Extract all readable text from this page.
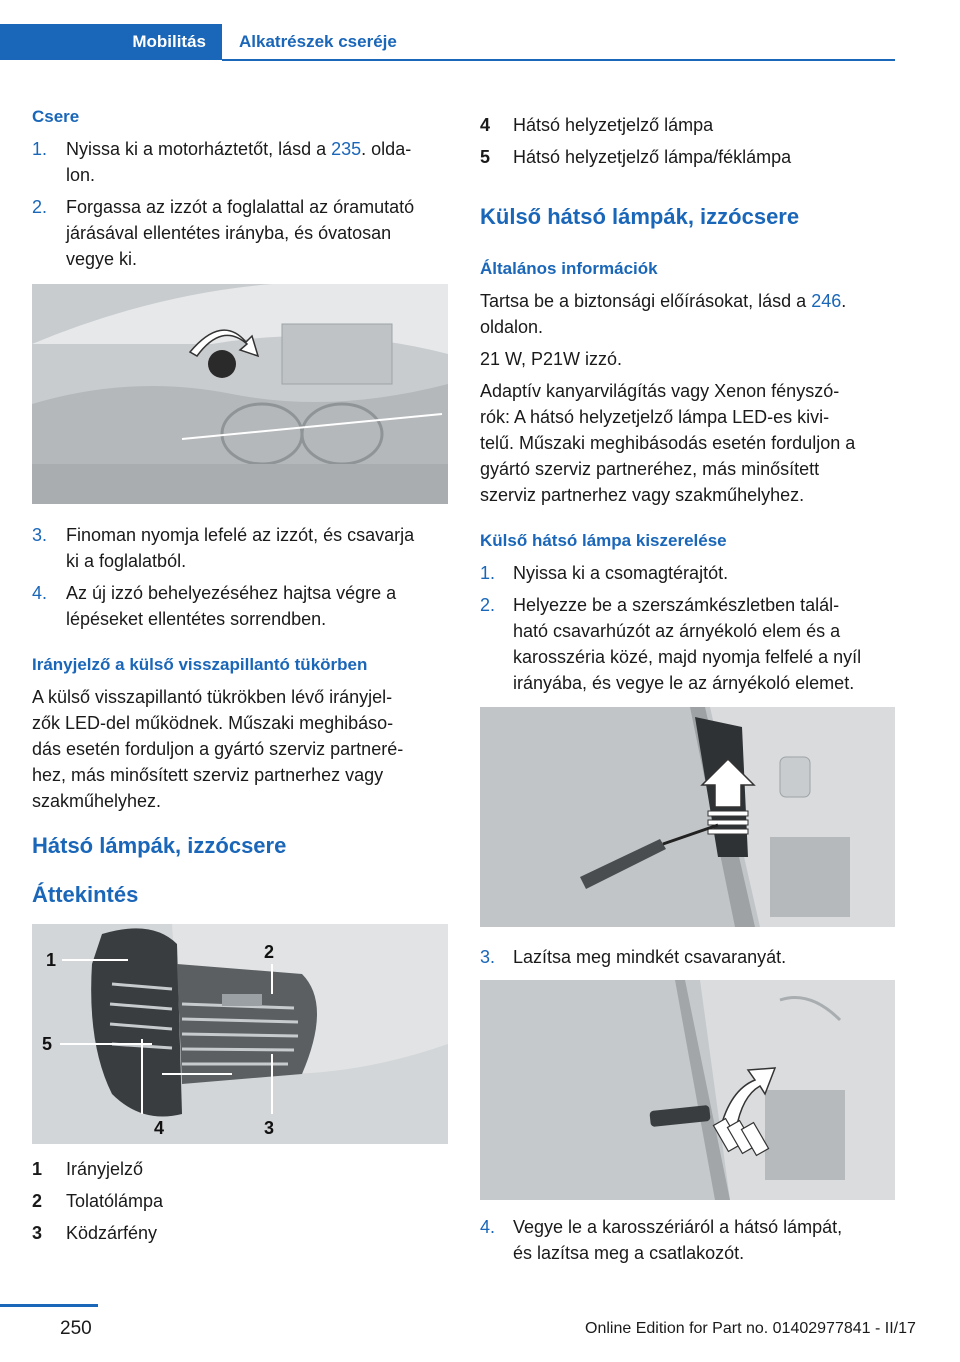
Mobilitás	Alkatrészek cseréje
Csere
1. Nyissa ki a motorháztetőt, lásd a 235. olda-
lon.
2. Forgassa az izzót a foglalattal az óramutató
járásával ellentétes irányba, és óvatosan
vegye ki.
3. Finoman nyomja lefelé az izzót, és csavarja
ki a foglalatból.
4. Az új izzó behelyezéséhez hajtsa végre a
lépéseket ellentétes sorrendben.
Irányjelző a külső visszapillantó tükörben
A külső visszapillantó tükrökben lévő irányjel-
zők LED-del működnek. Műszaki meghibáso-
dás esetén forduljon a gyártó szerviz partneré-
hez, más minősített szerviz partnerhez vagy
szakműhelyhez.
Hátsó lámpák, izzócsere
Áttekintés
1	2
5
4	3
1 Irányjelző
2 Tolatólámpa
3 Ködzárfény
4 Hátsó helyzetjelző lámpa
5 Hátsó helyzetjelző lámpa/féklámpa
Külső hátsó lámpák, izzócsere
Általános információk
Tartsa be a biztonsági előírásokat, lásd a 246.
oldalon.
21 W, P21W izzó.
Adaptív kanyarvilágítás vagy Xenon fényszó-
rók: A hátsó helyzetjelző lámpa LED-es kivi-
telű. Műszaki meghibásodás esetén forduljon a
gyártó szerviz partneréhez, más minősített
szerviz partnerhez vagy szakműhelyhez.
Külső hátsó lámpa kiszerelése
1. Nyissa ki a csomagtérajtót.
2. Helyezze be a szerszámkészletben talál-
ható csavarhúzót az árnyékoló elem és a
karosszéria közé, majd nyomja felfelé a nyíl
irányába, és vegye le az árnyékoló elemet.
3. Lazítsa meg mindkét csavaranyát.
4. Vegye le a karosszériáról a hátsó lámpát,
és lazítsa meg a csatlakozót.
250	Online Edition for Part no. 01402977841 - II/17
